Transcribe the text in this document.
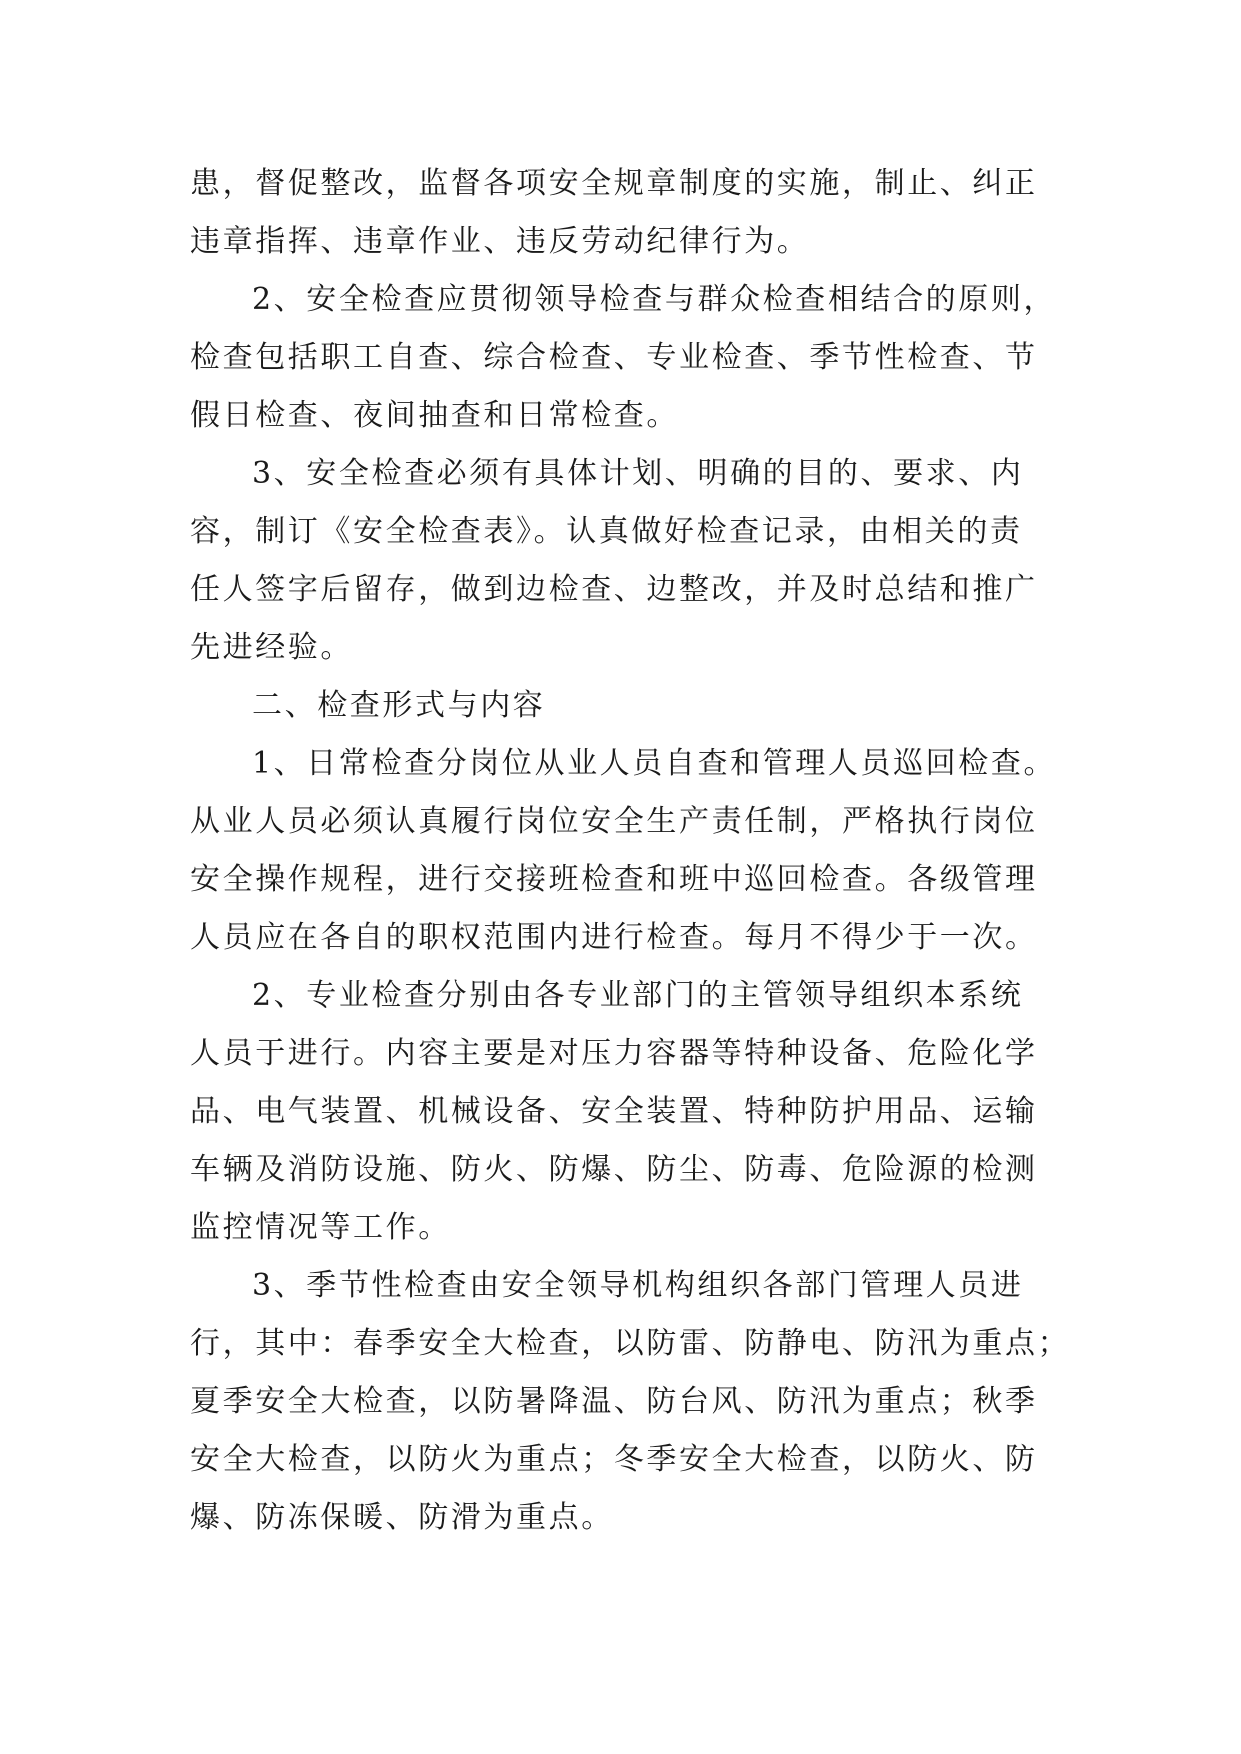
患，督促整改，监督各项安全规章制度的实施，制止、纠正
违章指挥、违章作业、违反劳动纪律行为。
2、安全检查应贯彻领导检查与群众检查相结合的原则，
检查包括职工自查、综合检查、专业检查、季节性检查、节
假日检查、夜间抽查和日常检查。
3、安全检查必须有具体计划、明确的目的、要求、内
容，制订《安全检查表》。认真做好检查记录，由相关的责
任人签字后留存，做到边检查、边整改，并及时总结和推广
先进经验。
二、检查形式与内容
1、日常检查分岗位从业人员自查和管理人员巡回检查。
从业人员必须认真履行岗位安全生产责任制，严格执行岗位
安全操作规程，进行交接班检查和班中巡回检查。各级管理
人员应在各自的职权范围内进行检查。每月不得少于一次。
2、专业检查分别由各专业部门的主管领导组织本系统
人员于进行。内容主要是对压力容器等特种设备、危险化学
品、电气装置、机械设备、安全装置、特种防护用品、运输
车辆及消防设施、防火、防爆、防尘、防毒、危险源的检测
监控情况等工作。
3、季节性检查由安全领导机构组织各部门管理人员进
行，其中：春季安全大检查，以防雷、防静电、防汛为重点；
夏季安全大检查，以防暑降温、防台风、防汛为重点；秋季
安全大检查，以防火为重点；冬季安全大检查，以防火、防
爆、防冻保暖、防滑为重点。
